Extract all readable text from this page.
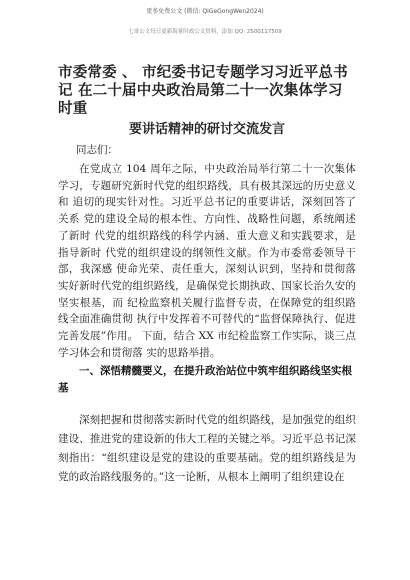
更多免费公文 (微信: QiGeGongWen2024)
七哥公文每日更新海量时政公文资料，添加 QQ: 2500117509
市委常委 、 市纪委书记专题学习习近平总书记 在二十届中央政治局第二十一次集体学习时重
要讲话精神的研讨交流发言
同志们：

在党成立 104 周年之际，中央政治局举行第二十一次集体学习，专题研究新时代党的组织路线，具有极其深远的历史意义和 追切的现实针对性。习近平总书记的重要讲话，深刻回答了关系 党的建设全局的根本性、方向性、战略性问题，系统阐述了新时 代党的组织路线的科学内涵、重大意义和实践要求，是指导新时 代党的组织建设的纲领性文献。作为市委常委领导干部，我深感 使命光荣、责任重大，深刻认识到，坚持和贯彻落实好新时代党的组织路线，是确保党长期执政、国家长治久安的坚实根基，而 纪检监察机关履行监督专责，在保障党的组织路线全面准确贯彻 执行中发挥着不可替代的“监督保障执行、促进完善发展”作用。 下面，结合 XX 市纪检监察工作实际，谈三点学习体会和贯彻落 实的思路举措。

一、深悟精髓要义，在提升政治站位中筑牢组织路线坚实根基

深刻把握和贯彻落实新时代党的组织路线，是加强党的组织建设、推进党的建设新的伟大工程的关键之举。习近平总书记深刻指出：“组织建设是党的建设的重要基础。党的组织路线是为党的政治路线服务的。”这一论断，从根本上阐明了组织建设在
